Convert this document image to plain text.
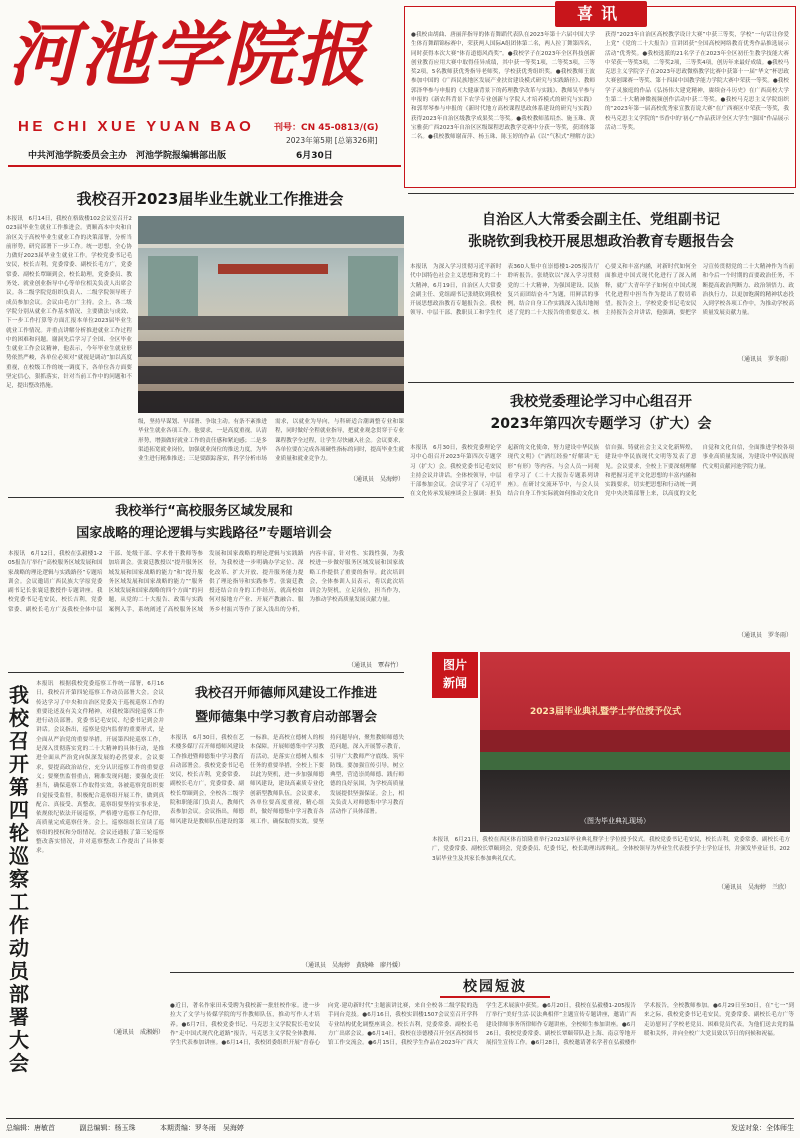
河池学院报
HE CHI XUE YUAN BAO 刊号：CN 45-0813/(G)
2023年第5期 [总第326期]
中共河池学院委员会主办　河池学院报编辑部出版	6月30日
喜讯
●我校由胡曲、唐丽萍指导的体育舞蹈代表队在2023年第十六届中国大学生体育舞蹈锦标赛中，荣获两人国际A组团体第二名，两人拉丁舞第四名，同时获得本次大赛“体育道德风尚奖”。●我校学子在2023年全区科技创新创业教育应用大赛中取得佳异成绩，其中获一等奖1项，二等奖3项，三等奖2项，5名教师获优秀指导老师奖，学校获优秀组织奖。●我校教师王波参加中国的《广西民族地区发展产业扶贫建设模式研究与实践路径》、教师郭泽华参与申报的《大健康背景下的药理教学改革与实践》、教师吴平参与申报的《新农科背景下农学专业创新与学院人才培养模式的研究与实践》和郭翠琴参与申报的《新时代地方高校课程思政体系建设的研究与实践》获得2023年自治区级教学成果奖二等奖。●我校教师蓝绍杰、施玉珠、黄宝雅获广西2023年自治区区级课程思政教学竞赛中分获一等奖，获团体第二名。●我校教师谢苗萍、杨玉珠、陈玉婷的作品《以“气积式”理解方法》获得“2023年自治区高校教学设计大赛”中获三等奖，学校“一句话让你爱上党”《党的二十大报告》宣讲团获“全国高校网络教育优秀作品推选展示活动”优秀奖。●我校选派的21名学子在2023年全区初任生教学技能大赛中荣获一等奖3项，二等奖2项，三等奖4项，创历年来最好成绩。●我校马克思主义学院学子在2023年思政微格教学比赛中获第十一届“华文”杯思政大赛创课赛一等奖、第十四届中国教学能力学院大赛中荣获一等奖。●我校学子灵旅庭的作品《弘扬伟大建党精神，赓续奋斗历史》在广西高校大学生第二十大精神微视频创作活动中获二等奖。●我校马克思主义学院组织的“2023年第一届高校优秀家宣教育说大赛”在广西赛区中荣获一等奖，我校马克思主义学院的“书香中的‘初心’”作品获评全区大学生“强国”作品展示活动二等奖。
我校召开2023届毕业生就业工作推进会
本报讯　6月14日，我校在格致楼102会议室召开2023届毕业生就业工作推进会。贾顺高本中央和自治区关于高校毕业生就业工作的决策部署，分析当前形势，研究部署下一步工作。统一思想，全心协力做好2023届毕业生就业工作。学校党委书记毛安民，校长吉利，党委常委、副校长毛方广，党委常委、副校长覃颐到会，校长助理，党委委员、教务处、就业创业指导中心等单位相关负责人出席会议。各二级学院党组织负责人、二级学院领导班子成员参加会议。会议由毛方广主持。会上，各二级学院分别从就业工作基本情况、主要做法与成效、下一步工作打算等方面汇报本单位2023届毕业生就业工作情况。并重点讲解分析推进就业工作过程中的困难和问题。谢洞先后学习了全国、全区毕业生就业工作会议精神，他表示，今年毕业生就业形势依然严峻，各单位必须对“就视是调动”加以高度重视，在校级工作的统一调度下，各单位各方面要坚定信心，狠抓落实，针对当前工作中的问题和不足，提出整改措施。
级，坚持早谋划、早部署、争取主动。有条不紊推进毕业生就业各项工作。他要求，一是高度重视，认清形势，增强做好就业工作的责任感和紧迫感；二是多渠道拓宽就业岗位，加强就业岗位的推送力度，为毕业生进行精准推送；三是要跟踪落实，科学分析市场需求，以就业为导向，与科研适合潮调整专业和课程，同时做好全程就业指导，把就业观念贯穿于专业课程教学全过程，让学生尽快融入社会。会议要求，各单位要在完成各项硬性指标的同时，提高毕业生就业质量和就业竞争力。
（通讯员　吴海婷）
自治区人大常委会副主任、党组副书记
张晓钦到我校开展思想政治教育专题报告会
本报讯　为深入学习贯彻习近平新时代中国特色社会主义思想和党的二十大精神，6月19日，自治区人大常委会副主任、党组副书记张晓钦到我校开展思想政治教育专题报告会。我校领导、中层干部、教职员工和学生代表360人集中在崇德楼1-205报告厅聆听报告。张晓钦以“深入学习贯彻党的二十大精神，为强国建设、民族复兴而团结奋斗”为题，用鲜活的事例，结合自身工作实践深入浅出地阐述了党的二十大报告的重要意义、核心要义和丰富内涵，对新时代如何全面推进中国式现代化进行了深入阐释，就广大青年学子如何在中国式现代化进程中担当作为提出了殷切希望。报告会上，学校党委书记毛安民主持报告会并讲话，他强调，要把学习宣传贯彻党的二十大精神作为当前和今后一个时期的首要政治任务，不断提高政治判断力、政治领悟力、政治执行力，以更加饱满的精神状态投入到学校各项工作中，为推动学校高质量发展贡献力量。
（通讯员　罗冬雨）
我校党委理论学习中心组召开
2023年第四次专题学习（扩大）会
本报讯　6月30日，我校党委理论学习中心组召开2023年第四次专题学习（扩大）会。我校党委书记毛安民主持会议并讲话。全体校领导，中层干部参加会议。会议学习了《习近平在文化传承发展座谈会上强调：担负起新的文化使命，努力建设中华民族现代文明》《“酒红经验”好解读“无形”有形》等内容。与会人员一同观看学习了《二十大报告专题系列讲座》。在研讨交流环节中，与会人员结合自身工作实际就如何推动文化自信自强、铸就社会主义文化新辉煌，建设中华民族现代文明等发表了意见。会议要求，全校上下要深刻理解和把握习近平文化思想的丰富内涵和实践要求，切实把思想和行动统一到党中央决策部署上来，以高度的文化自觉和文化自信，全面推进学校各项事业高质量发展，为建设中华民族现代文明贡献河池学院力量。
（通讯员　罗冬雨）
我校举行“高校服务区域发展和
国家战略的理论逻辑与实践路径”专题培训会
本报讯　6月12日，我校在弘毅楼1-205报告厅举行“高校服务区域发展和国家战略的理论逻辑与实践路径”专题培训会。会议邀请广西民族大学原党委副书记长张寰廷教授作专题讲座。我校党委书记毛安民，校长吉利，党委常委、副校长毛方广及我校全体中层干部、处级干部、学术骨干教师等参加培训会。张寰廷教授以“提升服务区域发展和国家战略的能力”和“提升服务区域发展和国家战略的能力”“服务区域发展和国家战略的四个方面”的问题，从党的二十大报告、政策与实践案例入手，系统阐述了高校服务区域发展和国家战略的理论逻辑与实践路径，为我校进一步明确办学定位、深化改革、扩大开放、提升服务能力提供了理论指导和实践参考。张寰廷教授还结合自身的工作经历，就高校如何对接地方产业、开展产教融合、服务乡村振兴等作了深入浅出的分析，内容丰富，针对性、实践性强，为我校进一步做好服务区域发展和国家战略工作提供了重要的指导。此次培训会，全体参训人员表示，将以此次培训会为契机，立足岗位，担当作为，为推动学校高质量发展贡献力量。
（通讯员　覃春竹）
我校召开第四轮巡察工作动员部署大会
本报讯　根据我校党委巡察工作统一部署，6月16日，我校召开第四轮巡察工作动员部署大会。会议传达学习了中央和自治区党委关于巡视巡察工作的重要论述及有关文件精神，对我校第四轮巡察工作进行动员部署。党委书记毛安民、纪委书记到会并讲话。会议指出，巡察是党内监督的重要形式，是全面从严治党的重要举措。开展第四轮巡察工作，是深入贯彻落实党的二十大精神的具体行动，是推进全面从严治党向纵深发展的必然要求。会议要求，要提高政治站位，充分认识巡察工作的重要意义；要聚焦监督重点，精准发现问题；要强化责任担当，确保巡察工作取得实效。各被巡察党组织要自觉接受监督，积极配合巡察组开展工作，做到真配合、真接受、真整改。巡察组要坚持实事求是，依规依纪依法开展巡察，严格遵守巡察工作纪律，高质量完成巡察任务。会上，巡察组组长宣读了巡察组的授权和分组情况。会议还通报了第三轮巡察整改落实情况，并对巡察整改工作提出了具体要求。
（通讯员　成湘娟）
我校召开师德师风建设工作推进
暨师德集中学习教育启动部署会
本报讯　6月30日，我校在艺术楼多媒厅召开师德师风建设工作推进暨师德集中学习教育启动部署会。我校党委书记毛安民，校长吉利，党委常委、副校长毛方广，党委常委、副校长覃颐到会，全校各二级学院和职能部门负责人，教师代表参加会议。会议指出，师德师风建设是教师队伍建设的第一标准，是高校立德树人的根本保障。开展师德集中学习教育活动，是落实立德树人根本任务的重要举措，全校上下要以此为契机，进一步加强师德师风建设，建设高素质专业化创新型教师队伍。会议要求，各单位要高度重视，精心组织，做好师德集中学习教育各项工作，确保取得实效。要坚持问题导向，聚焦教师师德失范问题，深入开展警示教育，引导广大教师严守底线、筑牢防线。要加强宣传引导，树立典型，营造崇尚师德、践行师德的良好氛围，为学校高质量发展提供坚强保证。会上，相关负责人对师德集中学习教育活动作了具体部署。
（通讯员　吴海婷　黄晓峰　廖丹媛）
图片
新闻
2023届毕业典礼暨学士学位授予仪式
（图为毕业典礼现场）
本报讯　6月21日，我校在西区体育馆隆重举行2023届毕业典礼暨学士学位授予仪式。我校党委书记毛安民，校长吉利，党委常委、副校长毛方广，党委常委、副校长覃颐到会，党委委员、纪委书记，校长助理出席典礼。全体校领导为毕业生代表授予学士学位证书，并颁发毕业证书。2023届毕业生及其家长参加典礼仪式。
（通讯员　吴海婷　兰欣）
校园短波
●近日，著名作家田禾受聘为我校新一批驻校作家。进一步拉大了文学与传媒学院的写作教师队伍，推动写作人才培养。●6月7日，我校党委书记、马克思主义学院院长毛安民作“走中国式现代化道路”报告，马克思主义学院全体教师、学生代表参加讲座。●6月14日，我校团委组织开展“青春心向党·建功新时代”主题演讲比赛，来自全校各二级学院的选手同台竞技。●6月16日，我校实训楼1507会议室召开学科专业结构优化调整座谈会。校长吉利，党委常委、副校长毛方广出席会议。●6月14日，我校在崇德楼召开全区高校图书馆工作交流会。●6月15日，我校学生作品在2023年广西大学生艺术展演中获奖。●6月20日，我校在弘毅楼1-205报告厅举行“美好生活·民法典相伴”主题宣传专题讲座，邀请广西建设律师事务所律师作专题讲座，全校师生参加讲座。●6月26日，我校党委常委、副校长覃颐带队赴上海、南京等地开展招生宣传工作。●6月28日，我校邀请著名学者在弘毅楼作学术报告，全校教师参加。●6月29日至30日，在“七一”到来之际，我校党委书记毛安民，党委常委、副校长毛方广等走访慰问了学校老党员、困难党员代表，为他们送去党的温暖和关怀，并向全校广大党员致以节日的问候和祝福。
总编辑：唐敏首	副总编辑：杨玉珠	本期责编：罗冬雨　吴海婷	发送对象：全体师生
